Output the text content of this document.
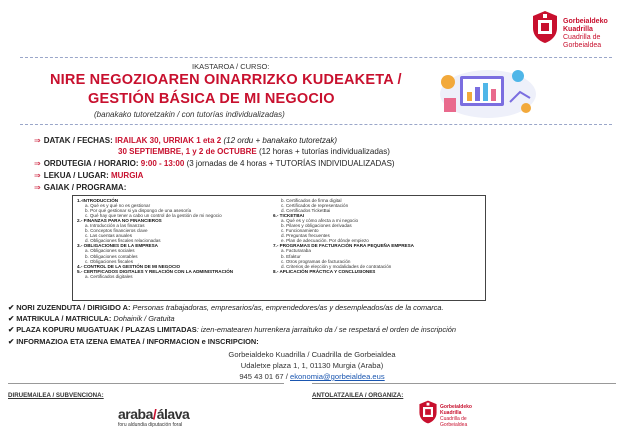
Gorbeialdeko
Kuadrilla
Cuadrilla de
Gorbeialdea
IKASTAROA / CURSO:
NIRE NEGOZIOAREN OINARRIZKO KUDEAKETA /
GESTIÓN BÁSICA DE MI NEGOCIO
(banakako tutoretzakin / con tutorías individualizadas)
⇒ DATAK / FECHAS: IRAILAK 30, URRIAK 1 eta 2 (12 ordu + banakako tutoretzak)
30 SEPTIEMBRE, 1 y 2 de OCTUBRE (12 horas + tutorías individualizadas)
⇒ ORDUTEGIA / HORARIO: 9:00 - 13:00 (3 jornadas de 4 horas + TUTORÍAS INDIVIDUALIZADAS)
⇒ LEKUA / LUGAR: MURGIA
⇒ GAIAK / PROGRAMA:
1.-INTRODUCCIÓN
a. Qué es y qué no es gestionar
b. Por qué gestionar si ya dispongo de una asesoría
c. Qué hay que tener a cabo un control de la gestión de mi negocio
2.- FINANZAS PARA NO FINANCIEROS
a. Introducción a las finanzas
b. Conceptos financieros clave
c. Las cuentas anuales
d. Obligaciones fiscales relacionadas
3.- OBLIGACIONES DE LA EMPRESA
a. Obligaciones sociales
b. Obligaciones contables
c. Obligaciones fiscales
4.- CONTROL DE LA GESTIÓN DE MI NEGOCIO
5.- CERTIFICADOS DIGITALES Y RELACIÓN CON LA ADMINISTRACIÓN
a. Certificados digitales
b. Certificados de firma digital
c. Certificados de representación
d. Certificados TicketBai
6.- TICKETBAI
a. Qué es y cómo afecta a mi negocio
b. Pilares y obligaciones derivadas
c. Funcionamiento
d. Preguntas frecuentes
e. Plan de adecuación. Por dónde empiezo
7.- PROGRAMAS DE FACTURACIÓN PARA PEQUEÑA EMPRESA
a. Facturaraba
b. Efaktur
c. Otros programas de facturación
d. Criterios de elección y modalidades de contratación
8.- APLICACIÓN PRÁCTICA Y CONCLUSIONES
✔ NORI ZUZENDUTA / DIRIGIDO A: Personas trabajadoras, empresarios/as, emprendedores/as y desempleados/as de la comarca.
✔ MATRIKULA / MATRICULA: Dohainik / Gratuita
✔ PLAZA KOPURU MUGATUAK / PLAZAS LIMITADAS: izen-ematearen hurrenkera jarraituko da / se respetará el orden de inscripción
✔ INFORMAZIOA ETA IZENA EMATEA / INFORMACION e INSCRIPCION:
Gorbeialdeko Kuadrilla / Cuadrilla de Gorbeialdea
Udaletxe plaza 1, 1, 01130 Murgia (Araba)
945 43 01 67 / ekonomia@gorbeialdea.eus
DIRUEMAILEA / SUBVENCIONA:	ANTOLATZAILEA / ORGANIZA:
araba/álava
foru aldundia diputación foral
Gorbeialdeko
Kuadrilla
Cuadrilla de
Gorbeialdea
